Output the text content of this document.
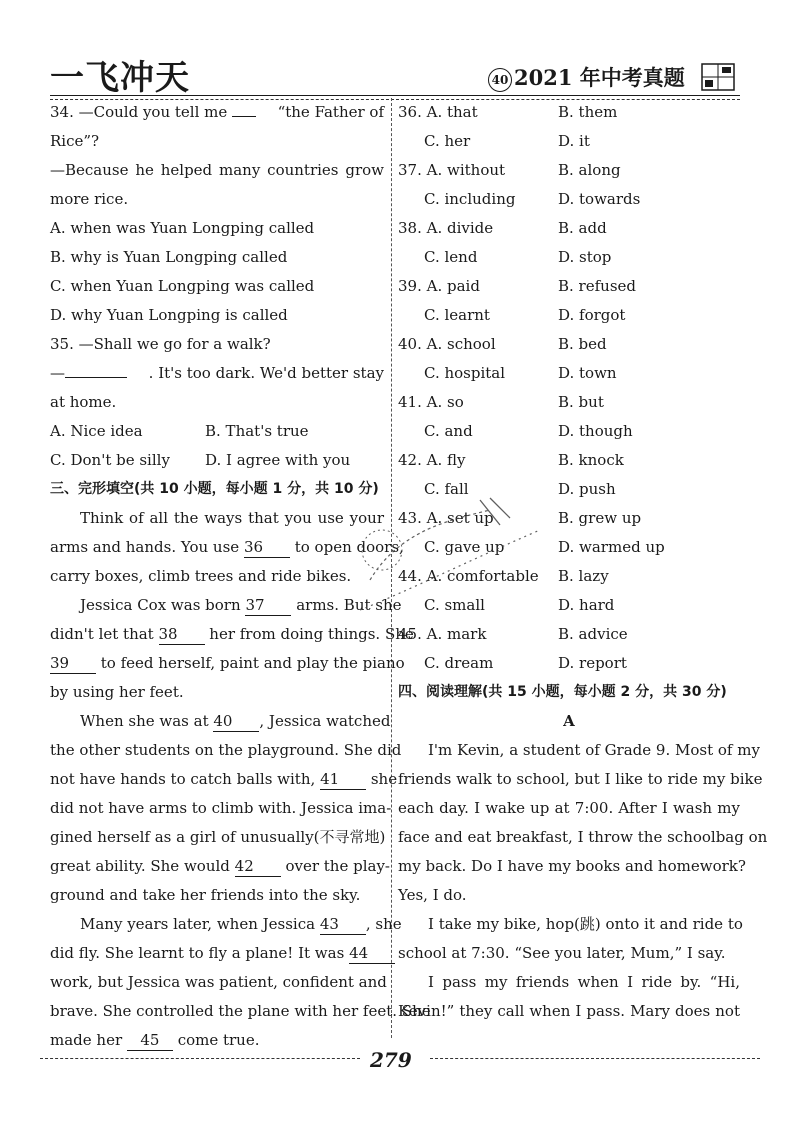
一飞冲天	40 2021 年中考真题
34. —Could you tell me	“the Father of
Rice”?
—Because he helped many countries grow
more rice.
A. when was Yuan Longping called
B. why is Yuan Longping called
C. when Yuan Longping was called
D. why Yuan Longping is called
35. —Shall we go for a walk?
—	. It's too dark. We'd better stay
at home.
A. Nice idea	B. That's true
C. Don't be silly	D. I agree with you
三、完形填空(共 10 小题，每小题 1 分，共 10 分)
Think of all the ways that you use your
arms and hands. You use 36 to open doors,
carry boxes, climb trees and ride bikes.
Jessica Cox was born 37 arms. But she
didn't let that 38 her from doing things. She
39 to feed herself, paint and play the piano
by using her feet.
When she was at 40 , Jessica watched
the other students on the playground. She did
not have hands to catch balls with, 41 she
did not have arms to climb with. Jessica ima-
gined herself as a girl of unusually(不寻常地)
great ability. She would 42 over the play-
ground and take her friends into the sky.
Many years later, when Jessica 43 , she
did fly. She learnt to fly a plane! It was 44
work, but Jessica was patient, confident and
brave. She controlled the plane with her feet. She
made her 45 come true.
36. A. that	B. them
C. her	D. it
37. A. without	B. along
C. including	D. towards
38. A. divide	B. add
C. lend	D. stop
39. A. paid	B. refused
C. learnt	D. forgot
40. A. school	B. bed
C. hospital	D. town
41. A. so	B. but
C. and	D. though
42. A. fly	B. knock
C. fall	D. push
43. A. set up	B. grew up
C. gave up	D. warmed up
44. A. comfortable	B. lazy
C. small	D. hard
45. A. mark	B. advice
C. dream	D. report
四、阅读理解(共 15 小题，每小题 2 分，共 30 分)
A
I'm Kevin, a student of Grade 9. Most of my
friends walk to school, but I like to ride my bike
each day. I wake up at 7:00. After I wash my
face and eat breakfast, I throw the schoolbag on
my back. Do I have my books and homework?
Yes, I do.
I take my bike, hop(跳) onto it and ride to
school at 7:30. “See you later, Mum,” I say.
I pass my friends when I ride by. “Hi,
Kevin!” they call when I pass. Mary does not
279
